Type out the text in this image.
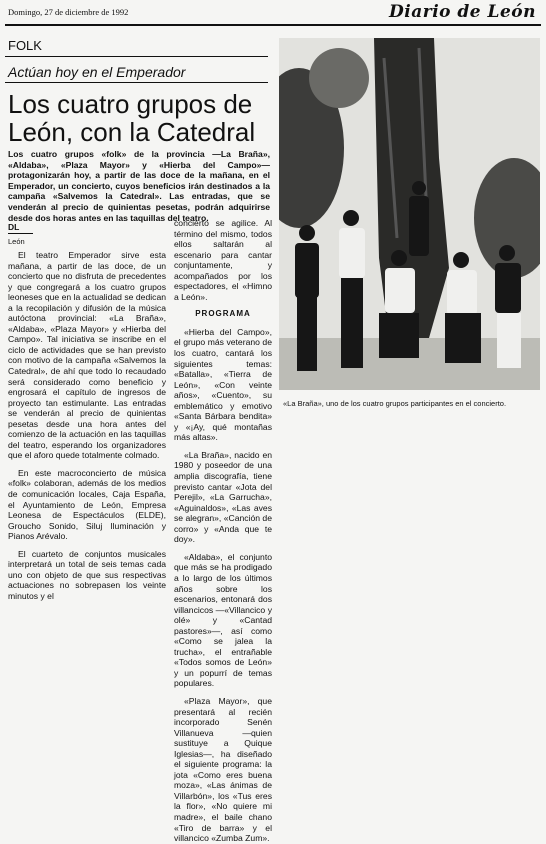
Domingo, 27 de diciembre de 1992	Diario de León
FOLK
Actúan hoy en el Emperador
Los cuatro grupos de León, con la Catedral
Los cuatro grupos «folk» de la provincia —La Braña», «Aldaba», «Plaza Mayor» y «Hierba del Campo»— protagonizarán hoy, a partir de las doce de la mañana, en el Emperador, un concierto, cuyos beneficios irán destinados a la campaña «Salvemos la Catedral». Las entradas, que se venderán al precio de quinientas pesetas, podrán adquirirse desde dos horas antes en las taquillas del teatro.
DL
León

El teatro Emperador sirve esta mañana, a partir de las doce, de un concierto que no disfruta de precedentes y que congregará a los cuatro grupos leoneses que en la actualidad se dedican a la recopilación y difusión de la música autóctona provincial: «La Braña», «Aldaba», «Plaza Mayor» y «Hierba del Campo». Tal iniciativa se inscribe en el ciclo de actividades que se han previsto con motivo de la campaña «Salvemos la Catedral», de ahí que todo lo recaudado será considerado como beneficio y engrosará el capítulo de ingresos de proyecto tan estimulante. Las entradas se venderán al precio de quinientas pesetas desde una hora antes del comienzo de la actuación en las taquillas del teatro, esperando los organizadores que el aforo quede totalmente colmado.

En este macroconcierto de música «folk» colaboran, además de los medios de comunicación locales, Caja España, el Ayuntamiento de León, Empresa Leonesa de Espectáculos (ELDE), Groucho Sonido, Siluj Iluminación y Pianos Arévalo.

El cuarteto de conjuntos musicales interpretará un total de seis temas cada uno con objeto de que sus respectivas actuaciones no sobrepasen los veinte minutos y el

concierto se agilice. Al término del mismo, todos ellos saltarán al escenario para cantar conjuntamente, y acompañados por los espectadores, el «Himno a León».

PROGRAMA

«Hierba del Campo», el grupo más veterano de los cuatro, cantará los siguientes temas: «Batalla», «Tierra de León», «Con veinte años», «Cuento», su emblemático y emotivo «Santa Bárbara bendita» y «¡Ay, qué montañas más altas».

«La Braña», nacido en 1980 y poseedor de una amplia discografía, tiene previsto cantar «Jota del Perejil», «La Garrucha», «Aguinaldos», «Las aves se alegran», «Canción de corro» y «Anda que te doy».

«Aldaba», el conjunto que más se ha prodigado a lo largo de los últimos años sobre los escenarios, entonará dos villancicos —«Villancico y olé» y «Cantad pastores»—, así como «Como se jalea la trucha», el entrañable «Todos somos de León» y un popurrí de temas populares.

«Plaza Mayor», que presentará al recién incorporado Senén Villanueva —quien sustituye a Quique Iglesias—, ha diseñado el siguiente programa: la jota «Como eres buena moza», «Las ánimas de Villarbón», los «Tus eres la flor», «No quiere mi madre», el baile chano «Tiro de barra» y el villancico «Zumba Zum».

«La Braña», uno de los cuatro grupos participantes en el concierto.
